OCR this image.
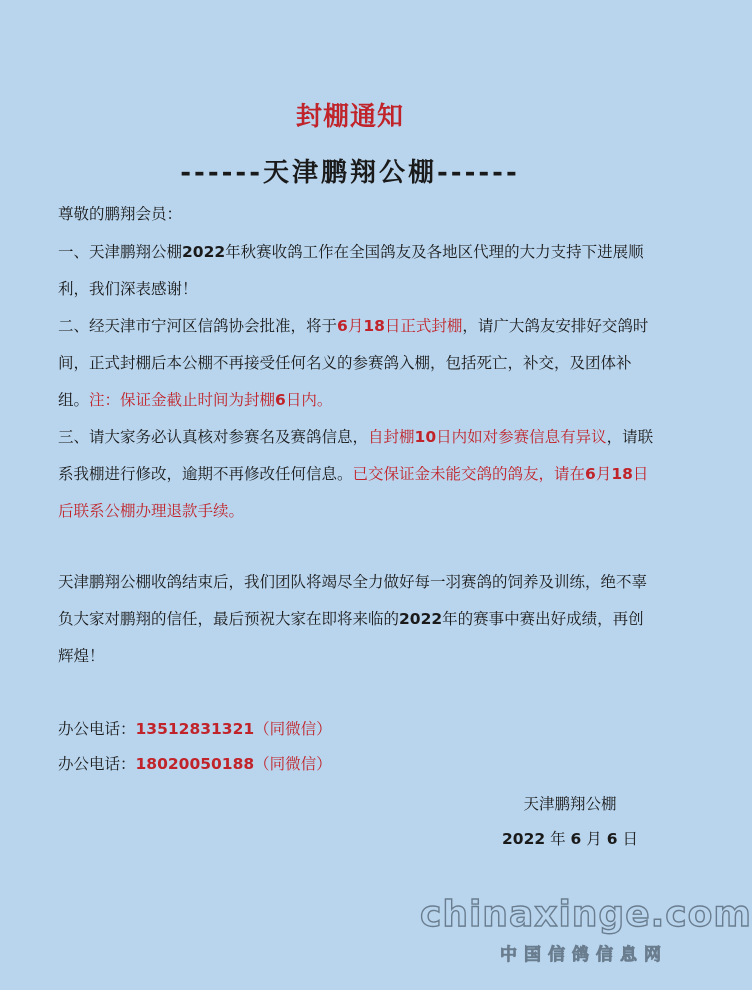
封棚通知
------天津鹏翔公棚------
尊敬的鹏翔会员：
一、天津鹏翔公棚2022年秋赛收鸽工作在全国鸽友及各地区代理的大力支持下进展顺利，我们深表感谢！
二、经天津市宁河区信鸽协会批准，将于6月18日正式封棚，请广大鸽友安排好交鸽时间，正式封棚后本公棚不再接受任何名义的参赛鸽入棚，包括死亡，补交，及团体补组。注：保证金截止时间为封棚6日内。
三、请大家务必认真核对参赛名及赛鸽信息，自封棚10日内如对参赛信息有异议，请联系我棚进行修改，逾期不再修改任何信息。已交保证金未能交鸽的鸽友，请在6月18日后联系公棚办理退款手续。
天津鹏翔公棚收鸽结束后，我们团队将竭尽全力做好每一羽赛鸽的饲养及训练，绝不辜负大家对鹏翔的信任，最后预祝大家在即将来临的2022年的赛事中赛出好成绩，再创辉煌！
办公电话：13512831321（同微信）
办公电话：18020050188（同微信）
天津鹏翔公棚
2022 年 6 月 6 日
chinaxinge.com
中国信鸽信息网
